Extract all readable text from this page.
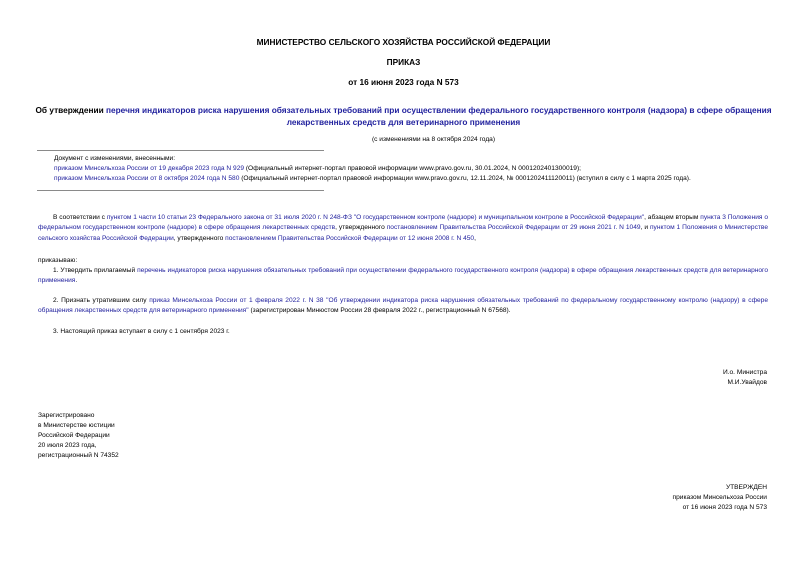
МИНИСТЕРСТВО СЕЛЬСКОГО ХОЗЯЙСТВА РОССИЙСКОЙ ФЕДЕРАЦИИ
ПРИКАЗ
от 16 июня 2023 года N 573
Об утверждении перечня индикаторов риска нарушения обязательных требований при осуществлении федерального государственного контроля (надзора) в сфере обращения лекарственных средств для ветеринарного применения
(с изменениями на 8 октября 2024 года)
Документ с изменениями, внесенными:
приказом Минсельхоза России от 19 декабря 2023 года N 929 (Официальный интернет-портал правовой информации www.pravo.gov.ru, 30.01.2024, N 0001202401300019);
приказом Минсельхоза России от 8 октября 2024 года N 580 (Официальный интернет-портал правовой информации www.pravo.gov.ru, 12.11.2024, № 0001202411120011) (вступил в силу с 1 марта 2025 года).
В соответствии с пунктом 1 части 10 статьи 23 Федерального закона от 31 июля 2020 г. N 248-ФЗ "О государственном контроле (надзоре) и муниципальном контроле в Российской Федерации", абзацем вторым пункта 3 Положения о федеральном государственном контроле (надзоре) в сфере обращения лекарственных средств, утвержденного постановлением Правительства Российской Федерации от 29 июня 2021 г. N 1049, и пунктом 1 Положения о Министерстве сельского хозяйства Российской Федерации, утвержденного постановлением Правительства Российской Федерации от 12 июня 2008 г. N 450,
приказываю:
1. Утвердить прилагаемый перечень индикаторов риска нарушения обязательных требований при осуществлении федерального государственного контроля (надзора) в сфере обращения лекарственных средств для ветеринарного применения.
2. Признать утратившим силу приказ Минсельхоза России от 1 февраля 2022 г. N 38 "Об утверждении индикатора риска нарушения обязательных требований по федеральному государственному контролю (надзору) в сфере обращения лекарственных средств для ветеринарного применения" (зарегистрирован Минюстом России 28 февраля 2022 г., регистрационный N 67568).
3. Настоящий приказ вступает в силу с 1 сентября 2023 г.
И.о. Министра
М.И.Увайдов
Зарегистрировано
в Министерстве юстиции
Российской Федерации
20 июля 2023 года,
регистрационный N 74352
УТВЕРЖДЕН
приказом Минсельхоза России
от 16 июня 2023 года N 573
